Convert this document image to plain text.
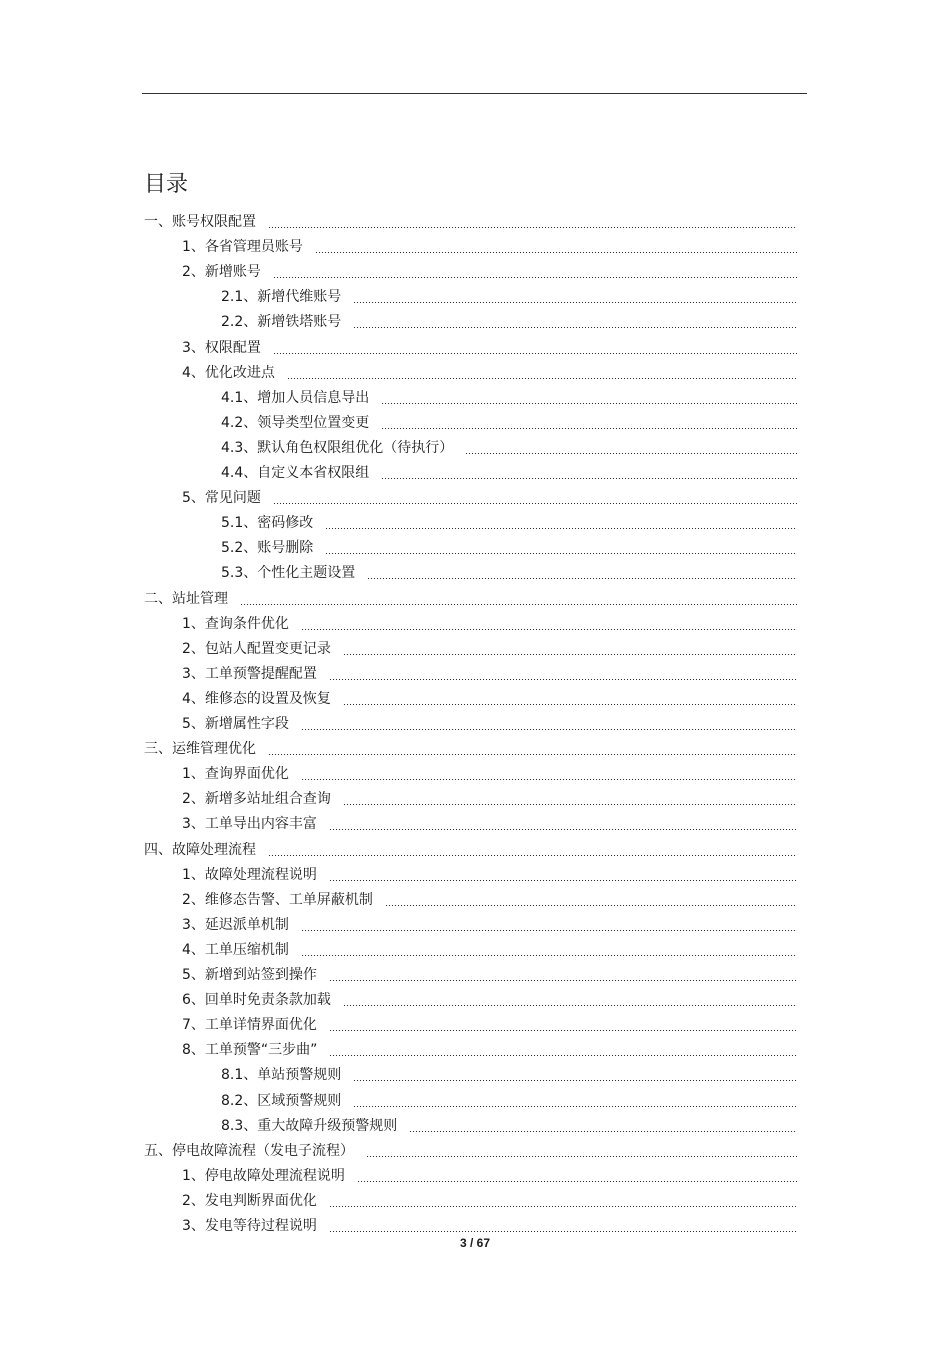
目录
一、账号权限配置
1、各省管理员账号
2、新增账号
2.1、新增代维账号
2.2、新增铁塔账号
3、权限配置
4、优化改进点
4.1、增加人员信息导出
4.2、领导类型位置变更
4.3、默认角色权限组优化（待执行）
4.4、自定义本省权限组
5、常见问题
5.1、密码修改
5.2、账号删除
5.3、个性化主题设置
二、站址管理
1、查询条件优化
2、包站人配置变更记录
3、工单预警提醒配置
4、维修态的设置及恢复
5、新增属性字段
三、运维管理优化
1、查询界面优化
2、新增多站址组合查询
3、工单导出内容丰富
四、故障处理流程
1、故障处理流程说明
2、维修态告警、工单屏蔽机制
3、延迟派单机制
4、工单压缩机制
5、新增到站签到操作
6、回单时免责条款加载
7、工单详情界面优化
8、工单预警“三步曲”
8.1、单站预警规则
8.2、区域预警规则
8.3、重大故障升级预警规则
五、停电故障流程（发电子流程）
1、停电故障处理流程说明
2、发电判断界面优化
3、发电等待过程说明
3 / 67
